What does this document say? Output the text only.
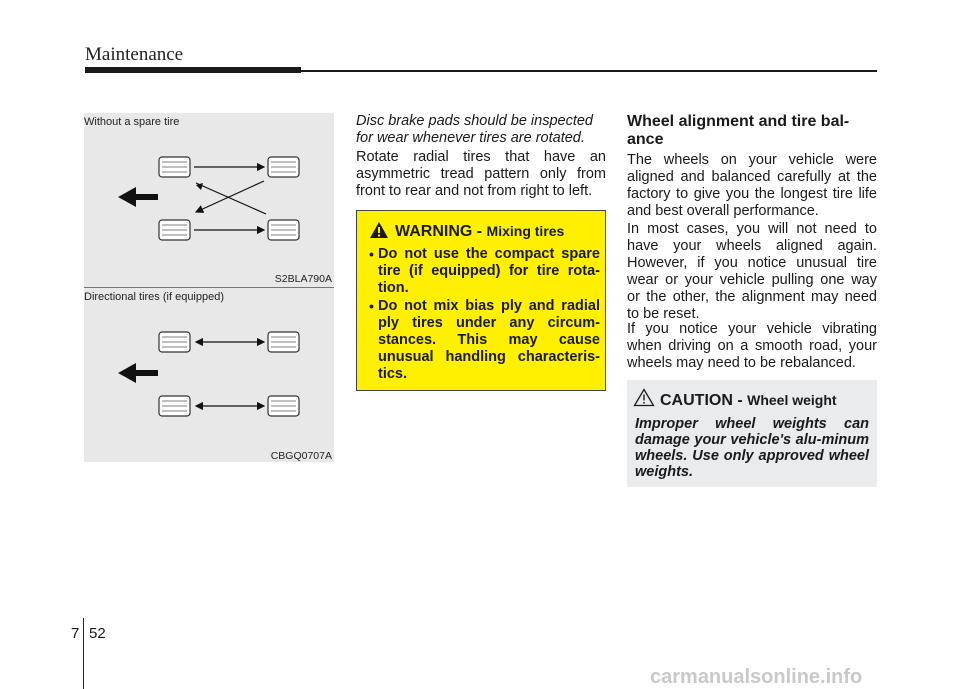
Maintenance
Without a spare tire
S2BLA790A
Directional tires (if equipped)
CBGQ0707A
Disc brake pads should be inspected for wear whenever tires are rotated.
Rotate radial tires that have an asymmetric tread pattern only from front to rear and not from right to left.
WARNING - Mixing tires
• Do not use the compact spare tire (if equipped) for tire rota-tion.
• Do not mix bias ply and radial ply tires under any circum-stances. This may cause unusual handling characteris-tics.
Wheel alignment and tire bal-ance
The wheels on your vehicle were aligned and balanced carefully at the factory to give you the longest tire life and best overall performance.
In most cases, you will not need to have your wheels aligned again. However, if you notice unusual tire wear or your vehicle pulling one way or the other, the alignment may need to be reset.
If you notice your vehicle vibrating when driving on a smooth road, your wheels may need to be rebalanced.
CAUTION - Wheel weight
Improper wheel weights can damage your vehicle's alu-minum wheels. Use only approved wheel weights.
7 52
carmanualsonline.info
